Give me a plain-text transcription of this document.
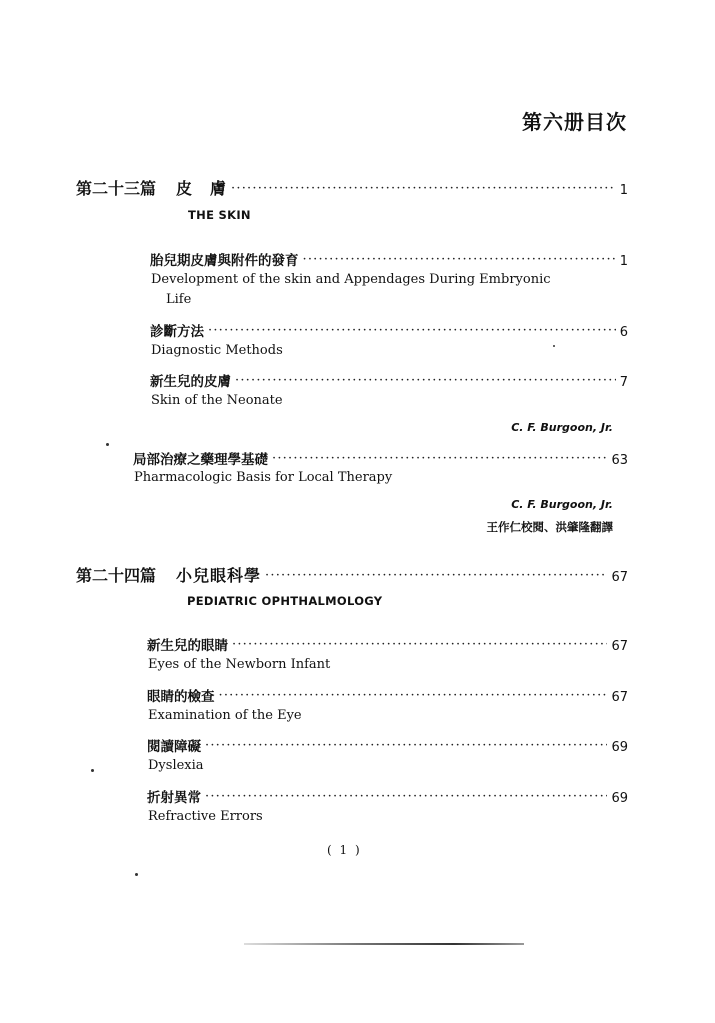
第六册目次
第二十三篇 皮　膚 ·····	1
THE SKIN
胎兒期皮膚與附件的發育 ·····	1
Development of the skin and Appendages During Embryonic
Life
診斷方法 ·····	6
Diagnostic Methods
新生兒的皮膚 ·····	7
Skin of the Neonate
C. F. Burgoon, Jr.
局部治療之藥理學基礎 ·····	63
Pharmacologic Basis for Local Therapy
C. F. Burgoon, Jr.
王作仁校閱、洪肇隆翻譯
第二十四篇 小兒眼科學 ·····	67
PEDIATRIC OPHTHALMOLOGY
新生兒的眼睛 ·····	67
Eyes of the Newborn Infant
眼睛的檢查 ·····	67
Examination of the Eye
閱讀障礙 ·····	69
Dyslexia
折射異常 ·····	69
Refractive Errors
( 1 )
